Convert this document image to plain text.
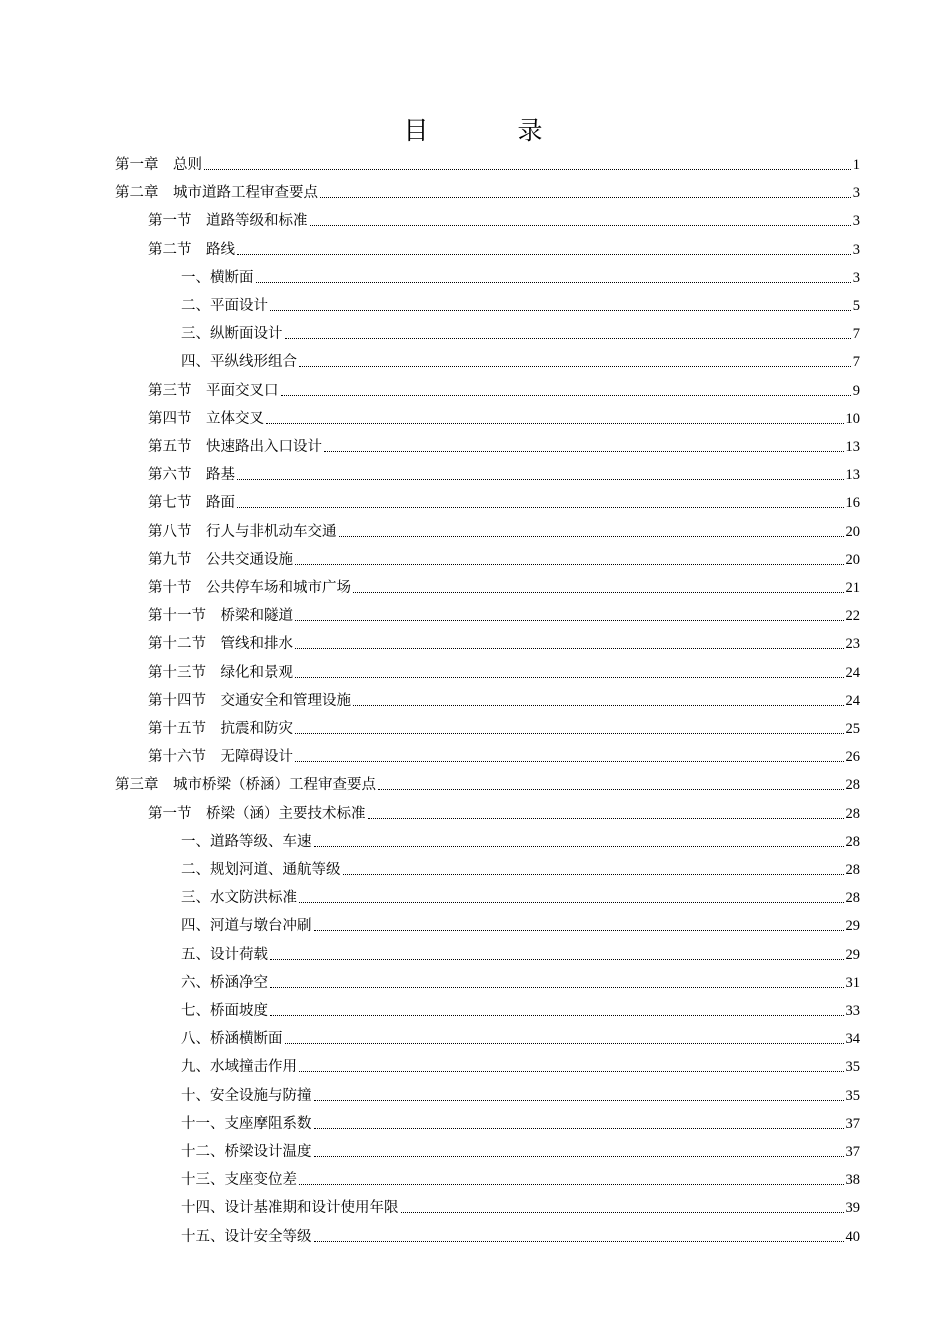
目　录
第一章　总则	1
第二章　城市道路工程审查要点	3
第一节　道路等级和标准	3
第二节　路线	3
一、横断面	3
二、平面设计	5
三、纵断面设计	7
四、平纵线形组合	7
第三节　平面交叉口	9
第四节　立体交叉	10
第五节　快速路出入口设计	13
第六节　路基	13
第七节　路面	16
第八节　行人与非机动车交通	20
第九节　公共交通设施	20
第十节　公共停车场和城市广场	21
第十一节　桥梁和隧道	22
第十二节　管线和排水	23
第十三节　绿化和景观	24
第十四节　交通安全和管理设施	24
第十五节　抗震和防灾	25
第十六节　无障碍设计	26
第三章　城市桥梁（桥涵）工程审查要点	28
第一节　桥梁（涵）主要技术标准	28
一、道路等级、车速	28
二、规划河道、通航等级	28
三、水文防洪标准	28
四、河道与墩台冲刷	29
五、设计荷载	29
六、桥涵净空	31
七、桥面坡度	33
八、桥涵横断面	34
九、水域撞击作用	35
十、安全设施与防撞	35
十一、支座摩阻系数	37
十二、桥梁设计温度	37
十三、支座变位差	38
十四、设计基准期和设计使用年限	39
十五、设计安全等级	40
